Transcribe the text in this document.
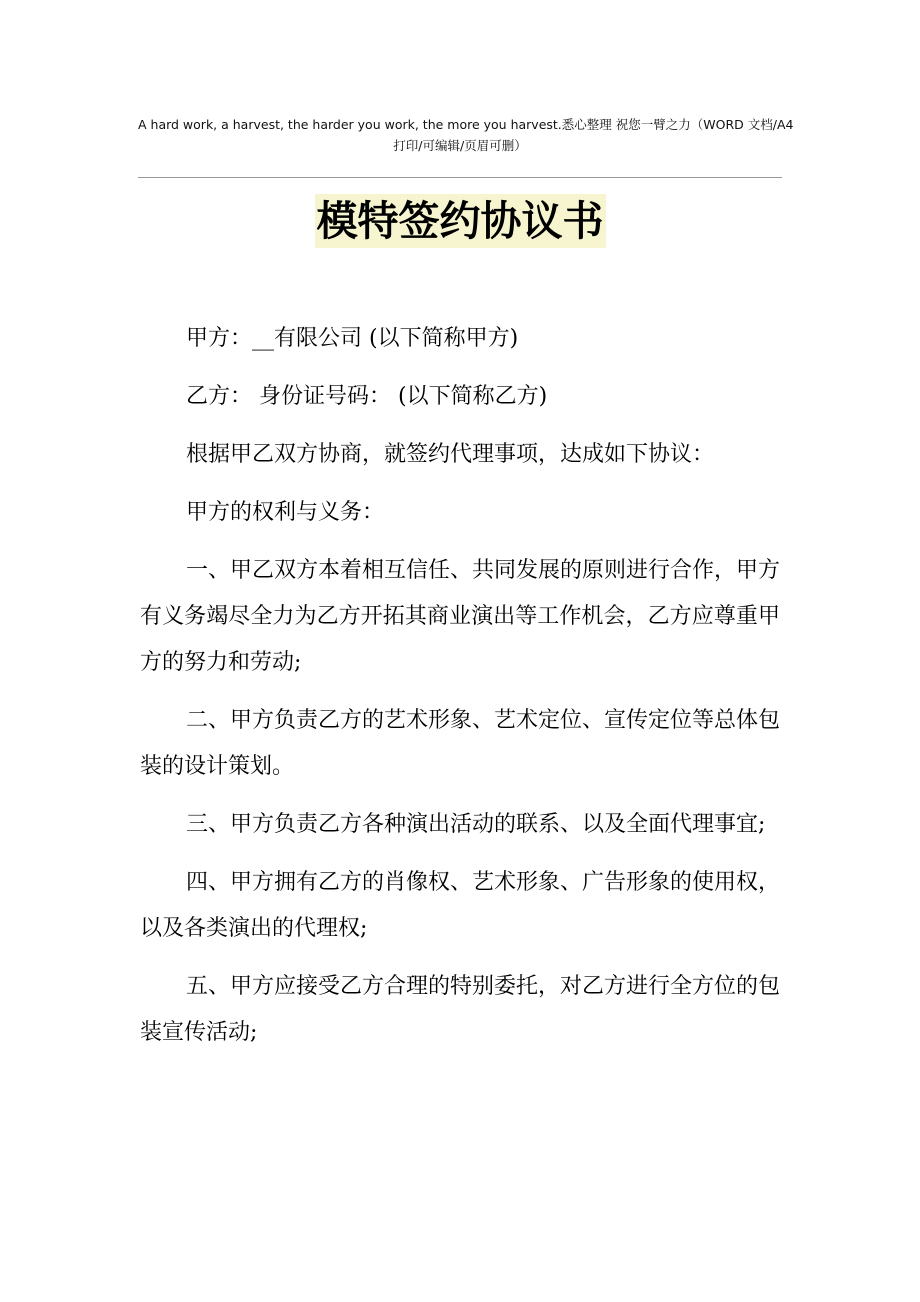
A hard work, a harvest, the harder you work, the more you harvest.悉心整理 祝您一臂之力（WORD 文档/A4
打印/可编辑/页眉可删）
模特签约协议书

甲方：__有限公司 (以下简称甲方)

乙方： 身份证号码： (以下简称乙方)

根据甲乙双方协商，就签约代理事项，达成如下协议：

甲方的权利与义务：

一、甲乙双方本着相互信任、共同发展的原则进行合作，甲方有义务竭尽全力为乙方开拓其商业演出等工作机会，乙方应尊重甲方的努力和劳动;

二、甲方负责乙方的艺术形象、艺术定位、宣传定位等总体包装的设计策划。

三、甲方负责乙方各种演出活动的联系、以及全面代理事宜;

四、甲方拥有乙方的肖像权、艺术形象、广告形象的使用权，以及各类演出的代理权;

五、甲方应接受乙方合理的特别委托，对乙方进行全方位的包装宣传活动;
